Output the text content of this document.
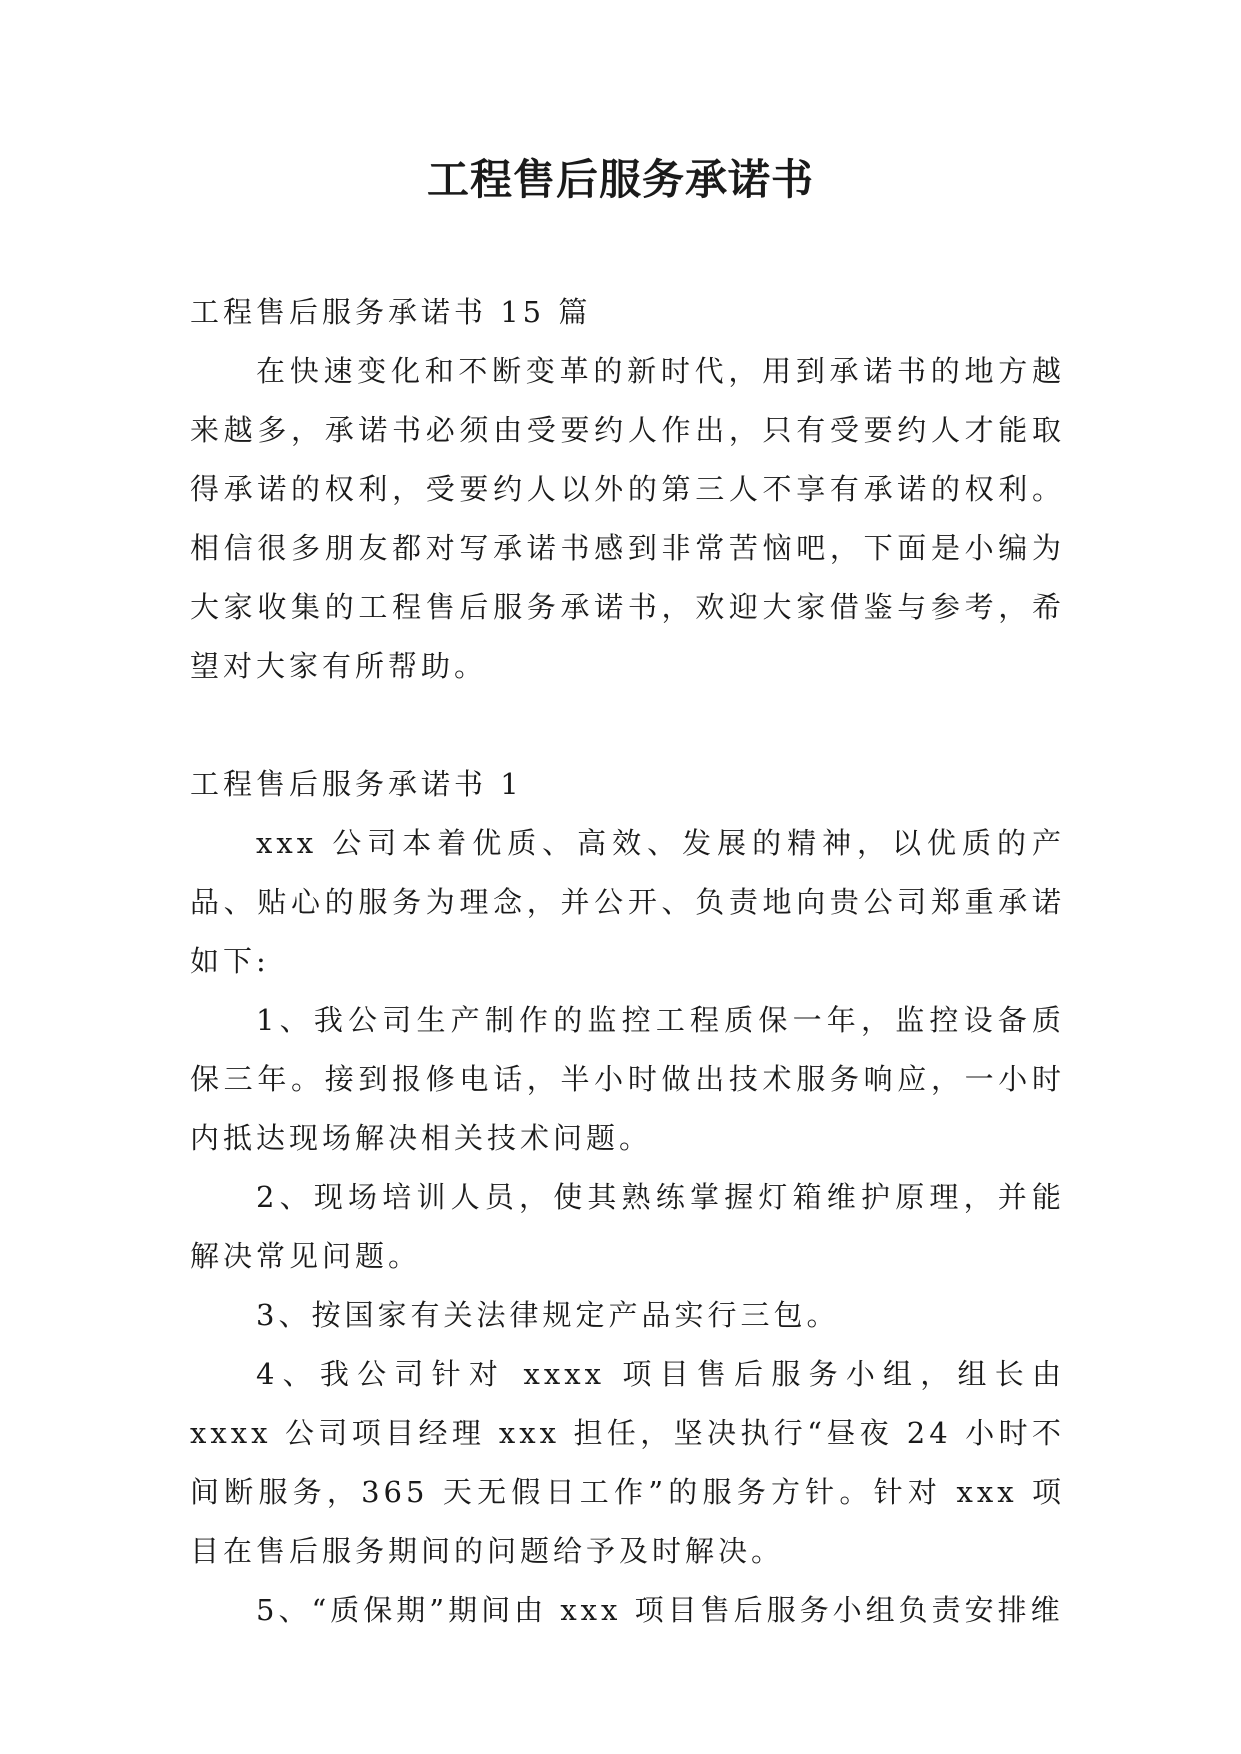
工程售后服务承诺书

工程售后服务承诺书 15 篇

在快速变化和不断变革的新时代，用到承诺书的地方越来越多，承诺书必须由受要约人作出，只有受要约人才能取得承诺的权利，受要约人以外的第三人不享有承诺的权利。相信很多朋友都对写承诺书感到非常苦恼吧，下面是小编为大家收集的工程售后服务承诺书，欢迎大家借鉴与参考，希望对大家有所帮助。

工程售后服务承诺书 1

xxx 公司本着优质、高效、发展的精神，以优质的产品、贴心的服务为理念，并公开、负责地向贵公司郑重承诺如下:

1、我公司生产制作的监控工程质保一年，监控设备质保三年。接到报修电话，半小时做出技术服务响应，一小时内抵达现场解决相关技术问题。

2、现场培训人员，使其熟练掌握灯箱维护原理，并能解决常见问题。

3、按国家有关法律规定产品实行三包。

4、我公司针对 xxxx 项目售后服务小组，组长由 xxxx 公司项目经理 xxx 担任，坚决执行“昼夜 24 小时不间断服务，365 天无假日工作”的服务方针。针对 xxx 项目在售后服务期间的问题给予及时解决。

5、“质保期”期间由 xxx 项目售后服务小组负责安排维
